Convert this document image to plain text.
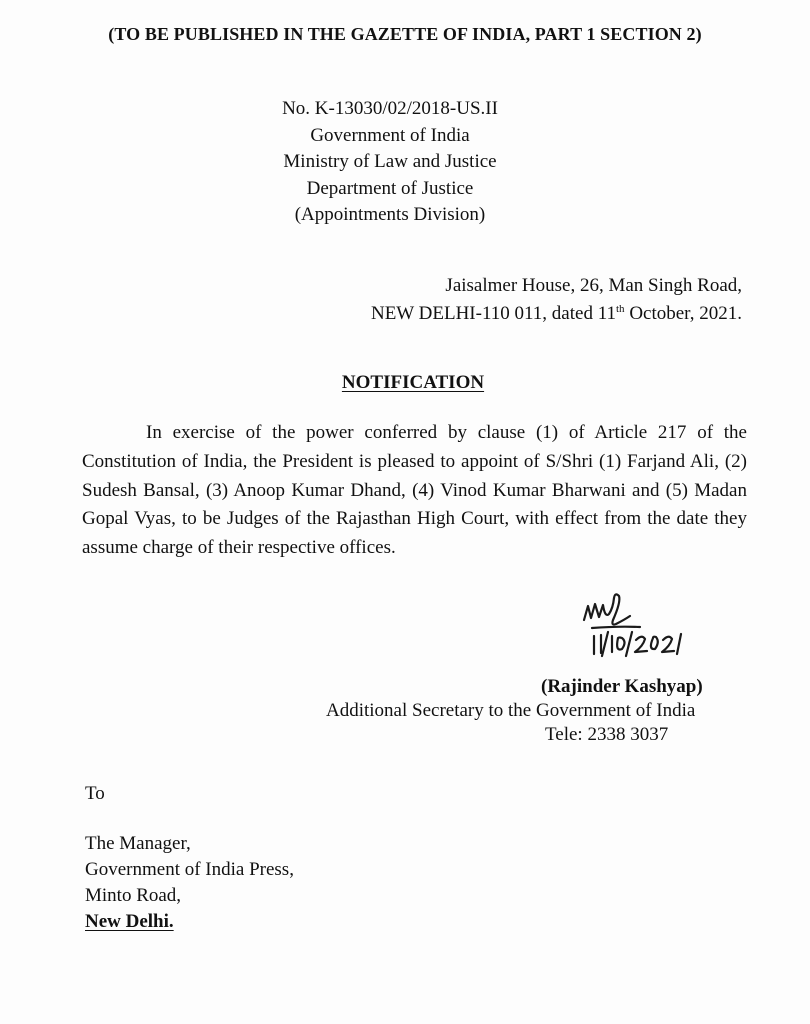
(TO BE PUBLISHED IN THE GAZETTE OF INDIA, PART 1 SECTION 2)
No. K-13030/02/2018-US.II
Government of India
Ministry of Law and Justice
Department of Justice
(Appointments Division)
Jaisalmer House, 26, Man Singh Road,
NEW DELHI-110 011, dated 11th October, 2021.
NOTIFICATION

In exercise of the power conferred by clause (1) of Article 217 of the Constitution of India, the President is pleased to appoint of S/Shri (1) Farjand Ali, (2) Sudesh Bansal, (3) Anoop Kumar Dhand, (4) Vinod Kumar Bharwani and (5) Madan Gopal Vyas, to be Judges of the Rajasthan High Court, with effect from the date they assume charge of their respective offices.

(Rajinder Kashyap)
Additional Secretary to the Government of India
Tele: 2338 3037
To
The Manager,
Government of India Press,
Minto Road,
New Delhi.
